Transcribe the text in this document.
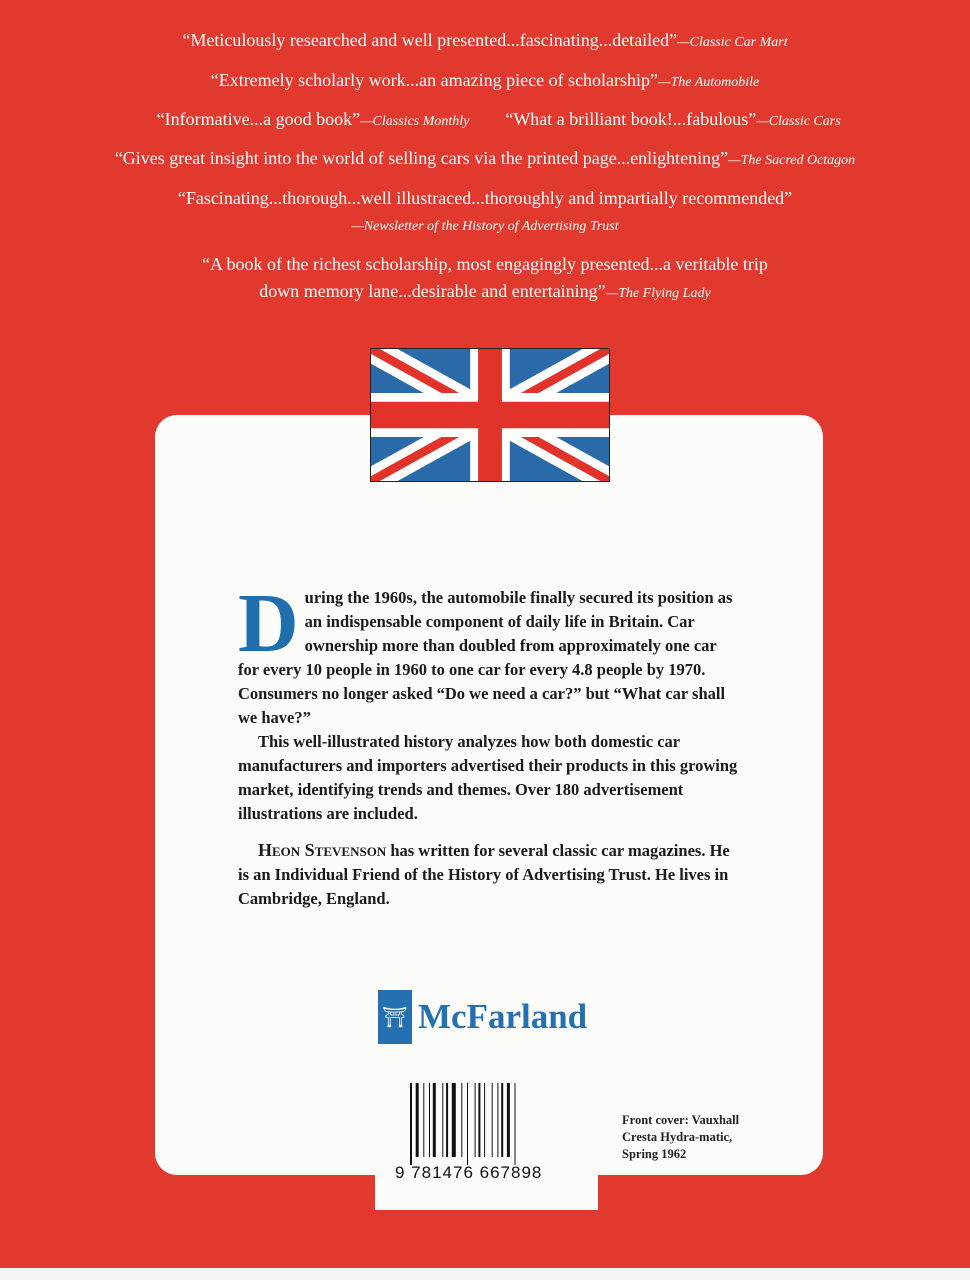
“Meticulously researched and well presented...fascinating...detailed”—Classic Car Mart
“Extremely scholarly work...an amazing piece of scholarship”—The Automobile
“Informative...a good book”—Classics Monthly	“What a brilliant book!...fabulous”—Classic Cars
“Gives great insight into the world of selling cars via the printed page...enlightening”—The Sacred Octagon
“Fascinating...thorough...well illustraced...thoroughly and impartially recommended”
—Newsletter of the History of Advertising Trust
“A book of the richest scholarship, most engagingly presented...a veritable trip
down memory lane...desirable and entertaining”—The Flying Lady
D uring the 1960s, the automobile finally secured its position as an indispensable component of daily life in Britain. Car ownership more than doubled from approximately one car for every 10 people in 1960 to one car for every 4.8 people by 1970. Consumers no longer asked “Do we need a car?” but “What car shall we have?”

This well-illustrated history analyzes how both domestic car manufacturers and importers advertised their products in this growing market, identifying trends and themes. Over 180 advertisement illustrations are included.

Heon Stevenson has written for several classic car magazines. He is an Individual Friend of the History of Advertising Trust. He lives in Cambridge, England.

⛩ McFarland
9 781476 667898
Front cover: Vauxhall Cresta Hydra-matic, Spring 1962
